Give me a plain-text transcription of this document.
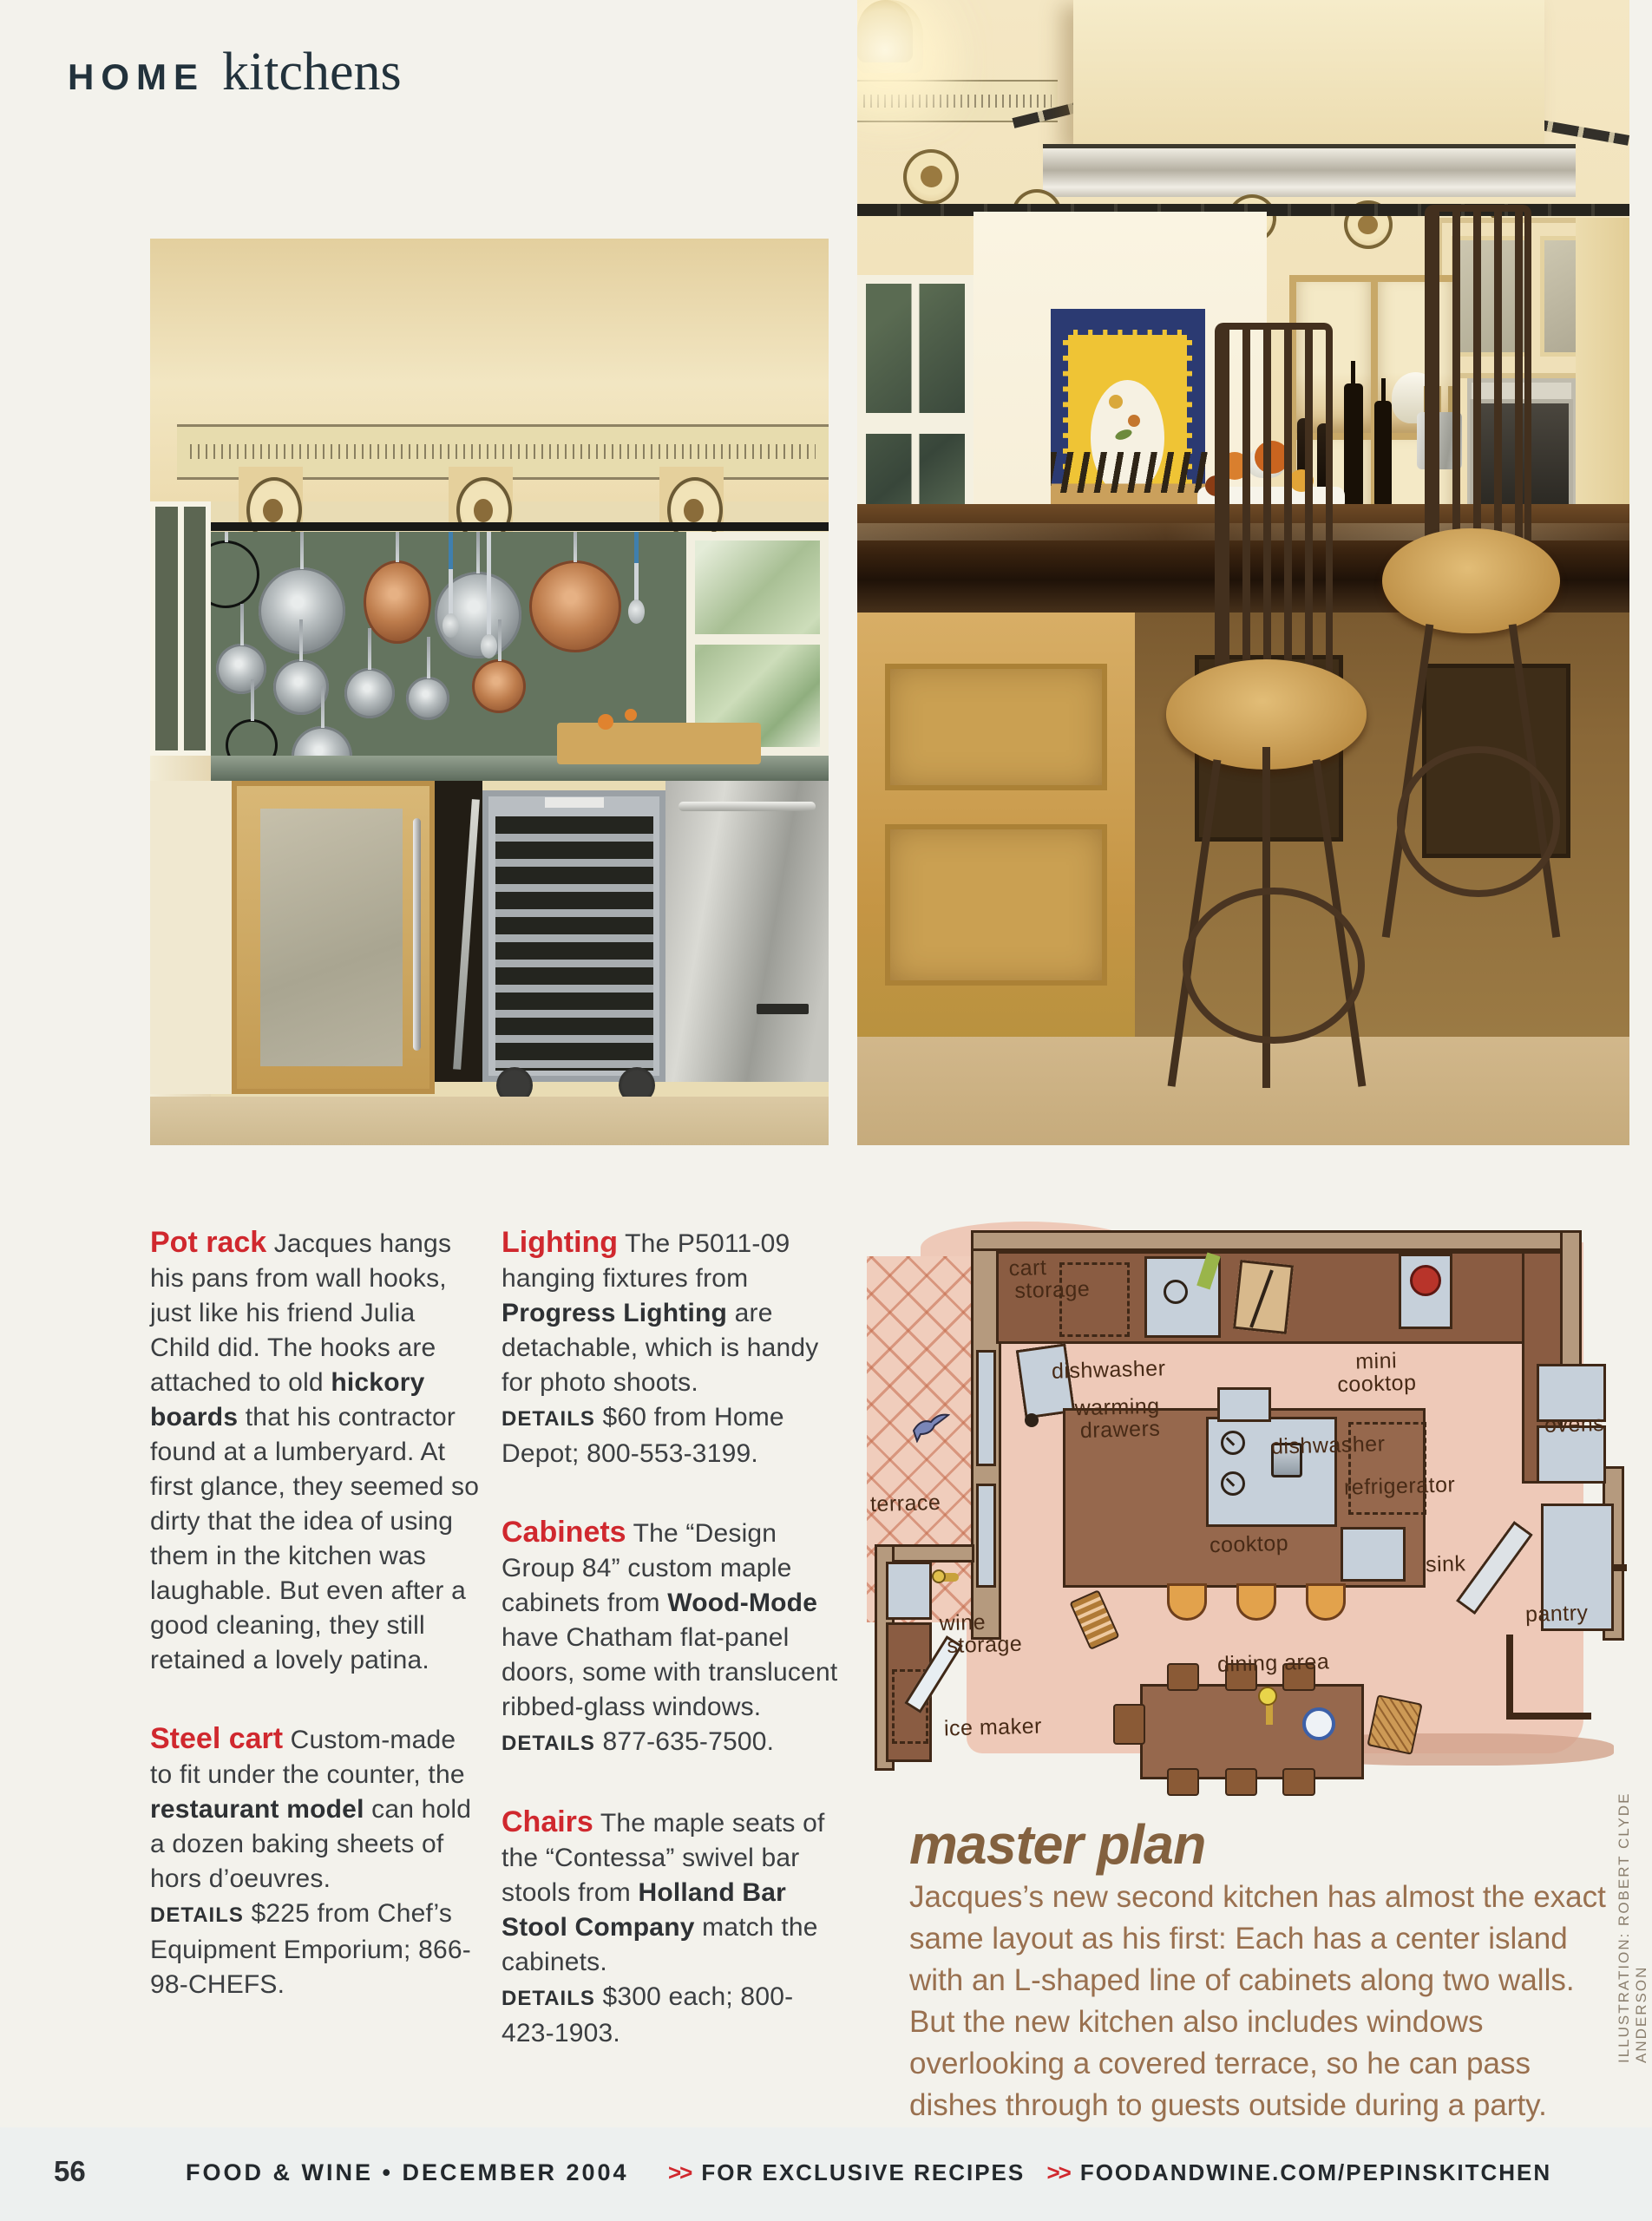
HOME kitchens

Pot rack Jacques hangs his pans from wall hooks, just like his friend Julia Child did. The hooks are attached to old hickory boards that his contractor found at a lumberyard. At first glance, they seemed so dirty that the idea of using them in the kitchen was laughable. But even after a good cleaning, they still retained a lovely patina.

Steel cart Custom-made to fit under the counter, the restaurant model can hold a dozen baking sheets of hors d’oeuvres.
DETAILS $225 from Chef’s Equipment Emporium; 866-98-CHEFS.

Lighting The P5011-09 hanging fixtures from Progress Lighting are detachable, which is handy for photo shoots.
DETAILS $60 from Home Depot; 800-553-3199.

Cabinets The “Design Group 84” custom maple cabinets from Wood-Mode have Chatham flat-panel doors, some with translucent ribbed-glass windows.
DETAILS 877-635-7500.

Chairs The maple seats of the “Contessa” swivel bar stools from Holland Bar Stool Company match the cabinets.
DETAILS $300 each; 800-423-1903.

cart
storage
dishwasher	mini
cooktop
warming
drawers
dishwasher
ovens
refrigerator
sink
cooktop
terrace
wine
storage
ice maker
dining area
pantry
master plan

Jacques’s new second kitchen has almost the exact same layout as his first: Each has a center island with an L-shaped line of cabinets along two walls. But the new kitchen also includes windows overlooking a covered terrace, so he can pass dishes through to guests outside during a party.

ILLUSTRATION: ROBERT CLYDE ANDERSON
56	FOOD & WINE • DECEMBER 2004 >> FOR EXCLUSIVE RECIPES >> FOODANDWINE.COM/PEPINSKITCHEN
